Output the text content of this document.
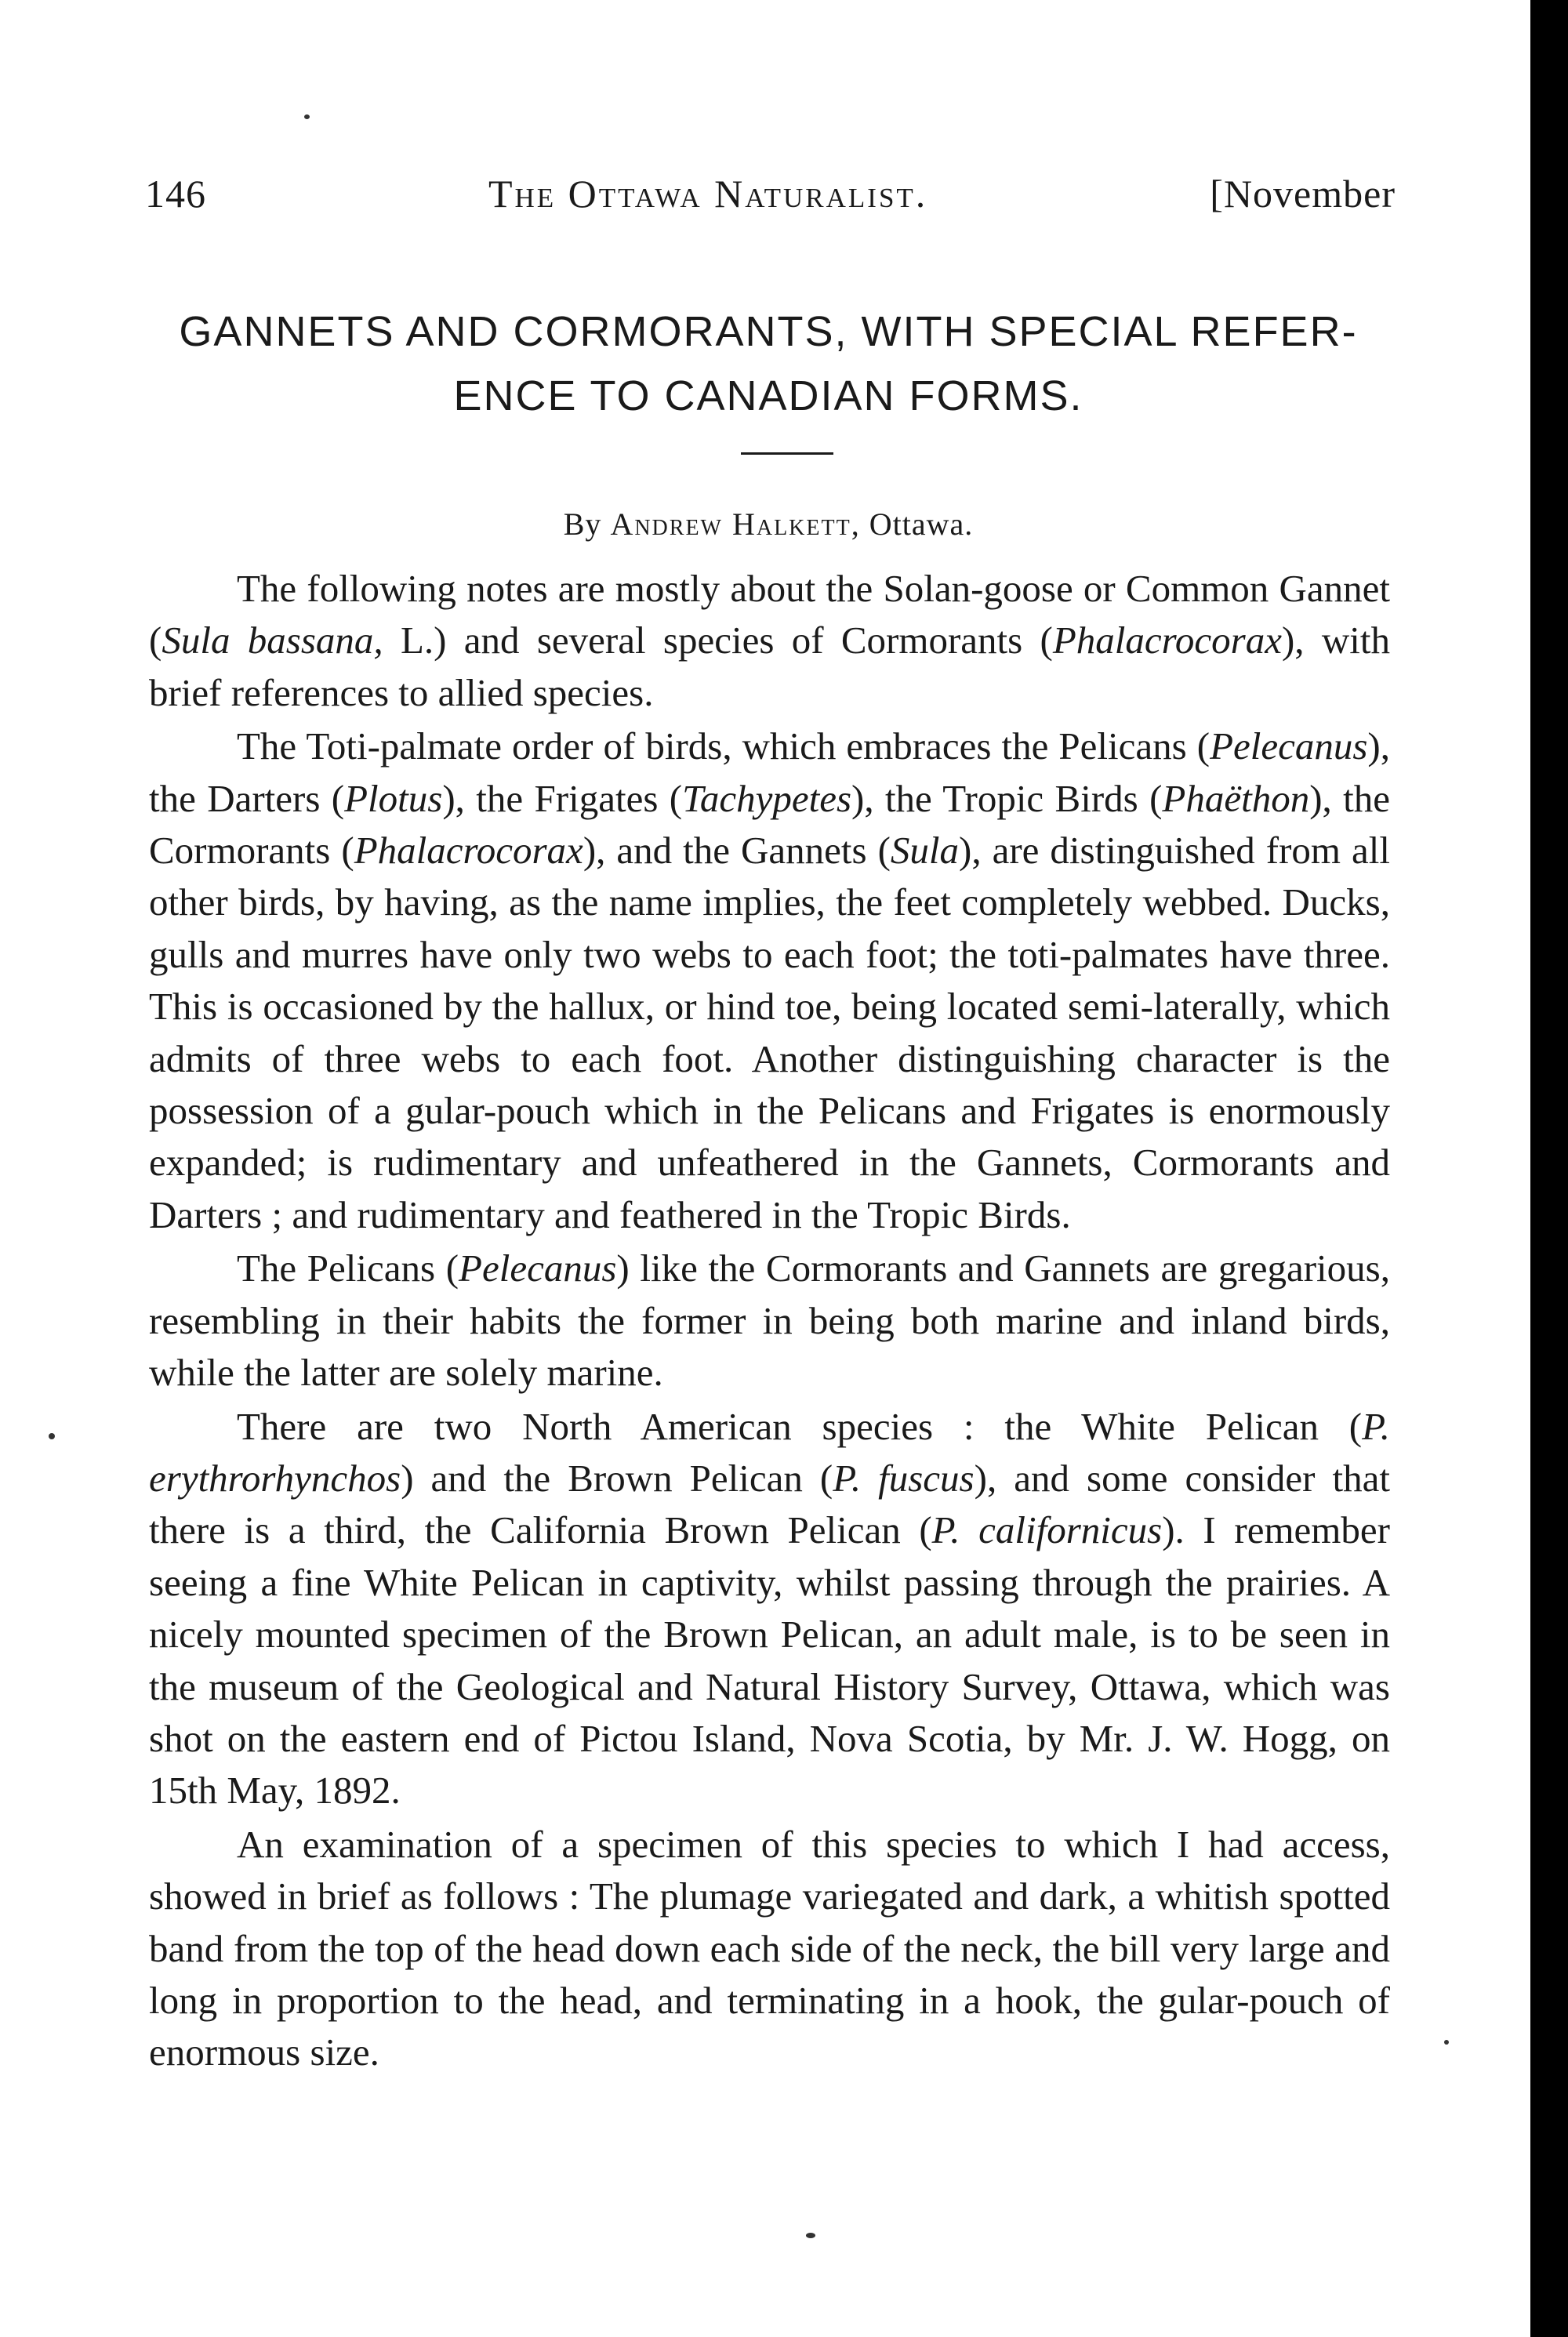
146	The Ottawa Naturalist.	[November
GANNETS AND CORMORANTS, WITH SPECIAL REFER-
ENCE TO CANADIAN FORMS.
By Andrew Halkett, Ottawa.

The following notes are mostly about the Solan-goose or Common Gannet (Sula bassana, L.) and several species of Cormorants (Phalacrocorax), with brief references to allied species.

The Toti-palmate order of birds, which embraces the Pelicans (Pelecanus), the Darters (Plotus), the Frigates (Tachypetes), the Tropic Birds (Phaëthon), the Cormorants (Phalacrocorax), and the Gannets (Sula), are distinguished from all other birds, by having, as the name implies, the feet completely webbed. Ducks, gulls and murres have only two webs to each foot; the toti-palmates have three. This is occasioned by the hallux, or hind toe, being located semi-laterally, which admits of three webs to each foot. Another distinguishing character is the possession of a gular-pouch which in the Pelicans and Frigates is enormously expanded; is rudimentary and unfeathered in the Gannets, Cormorants and Darters ; and rudimentary and feathered in the Tropic Birds.

The Pelicans (Pelecanus) like the Cormorants and Gannets are gregarious, resembling in their habits the former in being both marine and inland birds, while the latter are solely marine.

There are two North American species : the White Pelican (P. erythrorhynchos) and the Brown Pelican (P. fuscus), and some consider that there is a third, the California Brown Pelican (P. californicus). I remember seeing a fine White Pelican in captivity, whilst passing through the prairies. A nicely mounted specimen of the Brown Pelican, an adult male, is to be seen in the museum of the Geological and Natural History Survey, Ottawa, which was shot on the eastern end of Pictou Island, Nova Scotia, by Mr. J. W. Hogg, on 15th May, 1892.

An examination of a specimen of this species to which I had access, showed in brief as follows : The plumage variegated and dark, a whitish spotted band from the top of the head down each side of the neck, the bill very large and long in proportion to the head, and terminating in a hook, the gular-pouch of enormous size.
